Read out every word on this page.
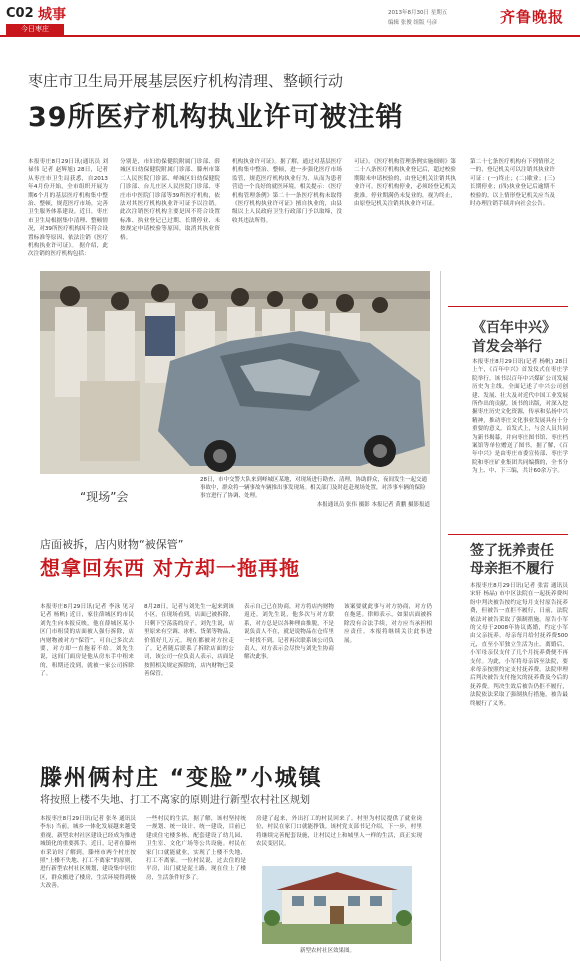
C02 城事
今日枣庄
2013年8月30日 星期五
编辑 张俊 组版 马彦	齐鲁晚报
枣庄市卫生局开展基层医疗机构清理、整顿行动
39所医疗机构执业许可被注销
本报枣庄8月29日讯(通讯员 刘禄伟 记者 赵辉旭) 28日，记者从枣庄市卫生局获悉，自2013年4月份开始，全市组织开展为期6个月的基层医疗机构集中整治、整顿，规范医疗市场，完善卫生服务体系建设。近日，枣庄市卫生局根据集中清理、整顿情况，对39所医疗机构因不符合设置标准等原因，依法注销《医疗机构执业许可证》。 据介绍，此次注销的医疗机构包括：
分别是，市妇幼保健院附属门诊部、薛城区妇幼保健院附属门诊部、滕州市第二人民医院门诊部、峄城区妇幼保健院门诊部、台儿庄区人民医院门诊部、枣庄市中医院门诊部等39所医疗机构，依法对其医疗机构执业许可证予以注销。此次注销医疗机构主要是因不符合设置标准、执业登记已过期、长期停业、未按规定申请校验等原因，取消其执业资格。
机构执业许可证》。据了解，通过对基层医疗机构集中整治、整顿，进一步强化医疗市场监管，规范医疗机构执业行为，从而为患者营造一个良好的就医环境。相关提示：《医疗机构管理条例》第二十一条医疗机构未取得《医疗机构执业许可证》擅自执业的，由县级以上人民政府卫生行政部门予以取缔，没收其违法所得。
可证》。《医疗机构管理条例实施细则》第二十八条医疗机构执业登记后，超过校验期限未申请校验的，由登记机关注销其执业许可。医疗机构停业，必须经登记机关批准。停业期满仍未复业的，视为终止，由原登记机关注销其执业许可证。
第二十七条医疗机构有下列情形之一的，登记机关可以注销其执业许可证：(一)终止；(二)歇业；(三)长期停业；(四)执业登记后逾期不校验的。以上情形登记机关应当及时办理注销手续并向社会公告。
“现场”会
28日，市中交警大队来到峄城区某地，对现场进行勘查、清理，协助群众，夜间发生一起交通事故中，群众将一辆事故车辆推出事发现场。相关部门及时赶赴现场处置，对涉事车辆的保险事宜进行了协调、处理。
本报通讯员 张伟 摄影 本报记者 黄鹏 摄影报道
《百年中兴》
首发会举行
本报枣庄8月29日讯(记者 杨帆) 28日上午，《百年中兴》首发仪式在枣庄学院举行。该书以百年中兴煤矿公司发展历史为主线，全面记述了中兴公司创建、发展、壮大及对近代中国工业发展所作出的贡献。该书的出版，对深入挖掘枣庄历史文化资源，传承和弘扬中兴精神，推动枣庄文化事业发展具有十分重要的意义。首发式上，与会人员共同为新书揭幕，并向枣庄图书馆、枣庄档案馆等单位赠送了图书。据了解，《百年中兴》是由枣庄市委宣传部、枣庄学院和枣庄矿业集团共同编撰的，全书分为上、中、下三编，共计60余万字。
签了抚养责任
母亲拒不履行
本报枣庄8月29日讯(记者 张雷 通讯员 宋轩 杨晶) 市中区法院在一起抚养费纠纷中判决被告按约定每月支付原告抚养费，但被告一直拒不履行，日前，法院依法对被告采取了强制措施。原告小军的父母于2008年协议离婚，约定小军由父亲抚养，母亲每月给付抚养费500元，直至小军独立生活为止。离婚后，小军母亲仅支付了几个月抚养费便不再支付。为此，小军将母亲诉至法院，要求母亲按照约定支付抚养费。法院审理后判决被告支付拖欠的抚养费及今后的抚养费。判决生效后被告仍拒不履行，法院依法采取了强制执行措施，被告最终履行了义务。
店面被拆，店内财物“被保管”
想拿回东西 对方却一拖再拖
本报枣庄8月29日讯(记者 李泳 见习记者 杨帆) 近日，家住薛城区的市民刘先生向本报反映，他在薛城区某小区门市租赁的店面被人强行拆除，店内财物被对方“保管”，可自己多次去要，对方却一直拖着不给。刘先生说，这间门面房是他从房东手中租来的，租期还没到，就被一家公司拆除了。
8月28日，记者与刘先生一起来到该小区，在现场看到，店面已被拆除，只剩下空荡荡的房子。刘先生说，店里原来有空调、冰柜、货架等物品，价值好几万元，现在都被对方拉走了。记者随后联系了拆除店面的公司，该公司一位负责人表示，店面是按照相关规定拆除的，店内财物已妥善保管。
表示自己已在协商，对方将店内财物返还。刘先生说，他多次与对方联系，对方总是以各种理由推脱，不是说负责人不在，就是说物品在仓库里一时找不到。记者再次联系该公司负责人，对方表示会尽快与刘先生协商解决此事。
该案要就此事与对方协商，对方仍在拖延。律师表示，如果店面被拆除没有合法手续，对方应当承担相应责任。本报将继续关注此事进展。
滕州俩村庄 “变脸”小城镇
将按照上楼不失地、打工不离家的原则进行新型农村社区规划
本报枣庄8月29日讯(记者 张冬 通讯员 李东) 当前，城乡一体化发展越来越受重视，新型农村社区建设已经成为推进城镇化的重要抓手。近日，记者在滕州市采访时了解到，滕州市两个村庄按照“上楼不失地、打工不离家”的原则，进行新型农村社区规划，建设集中居住区，群众搬进了楼房，生活环境得到极大改善。
一些村民的生活。据了解，该村坚持统一规划、统一设计、统一建设，目前已建成住宅楼多栋，配套建设了幼儿园、卫生室、文化广场等公共设施。村民在家门口就能就业，实现了上楼不失地、打工不离家。一位村民说，过去住的是平房，出门就是泥土路，现在住上了楼房，生活条件好多了。
房建了起来，外出打工的村民回来了。村里为村民提供了就业岗位，村民在家门口就能挣钱。该村党支部书记介绍，下一步，村里将继续完善配套设施，让村民过上和城里人一样的生活，真正实现农民变居民。
新型农村社区效果图。
